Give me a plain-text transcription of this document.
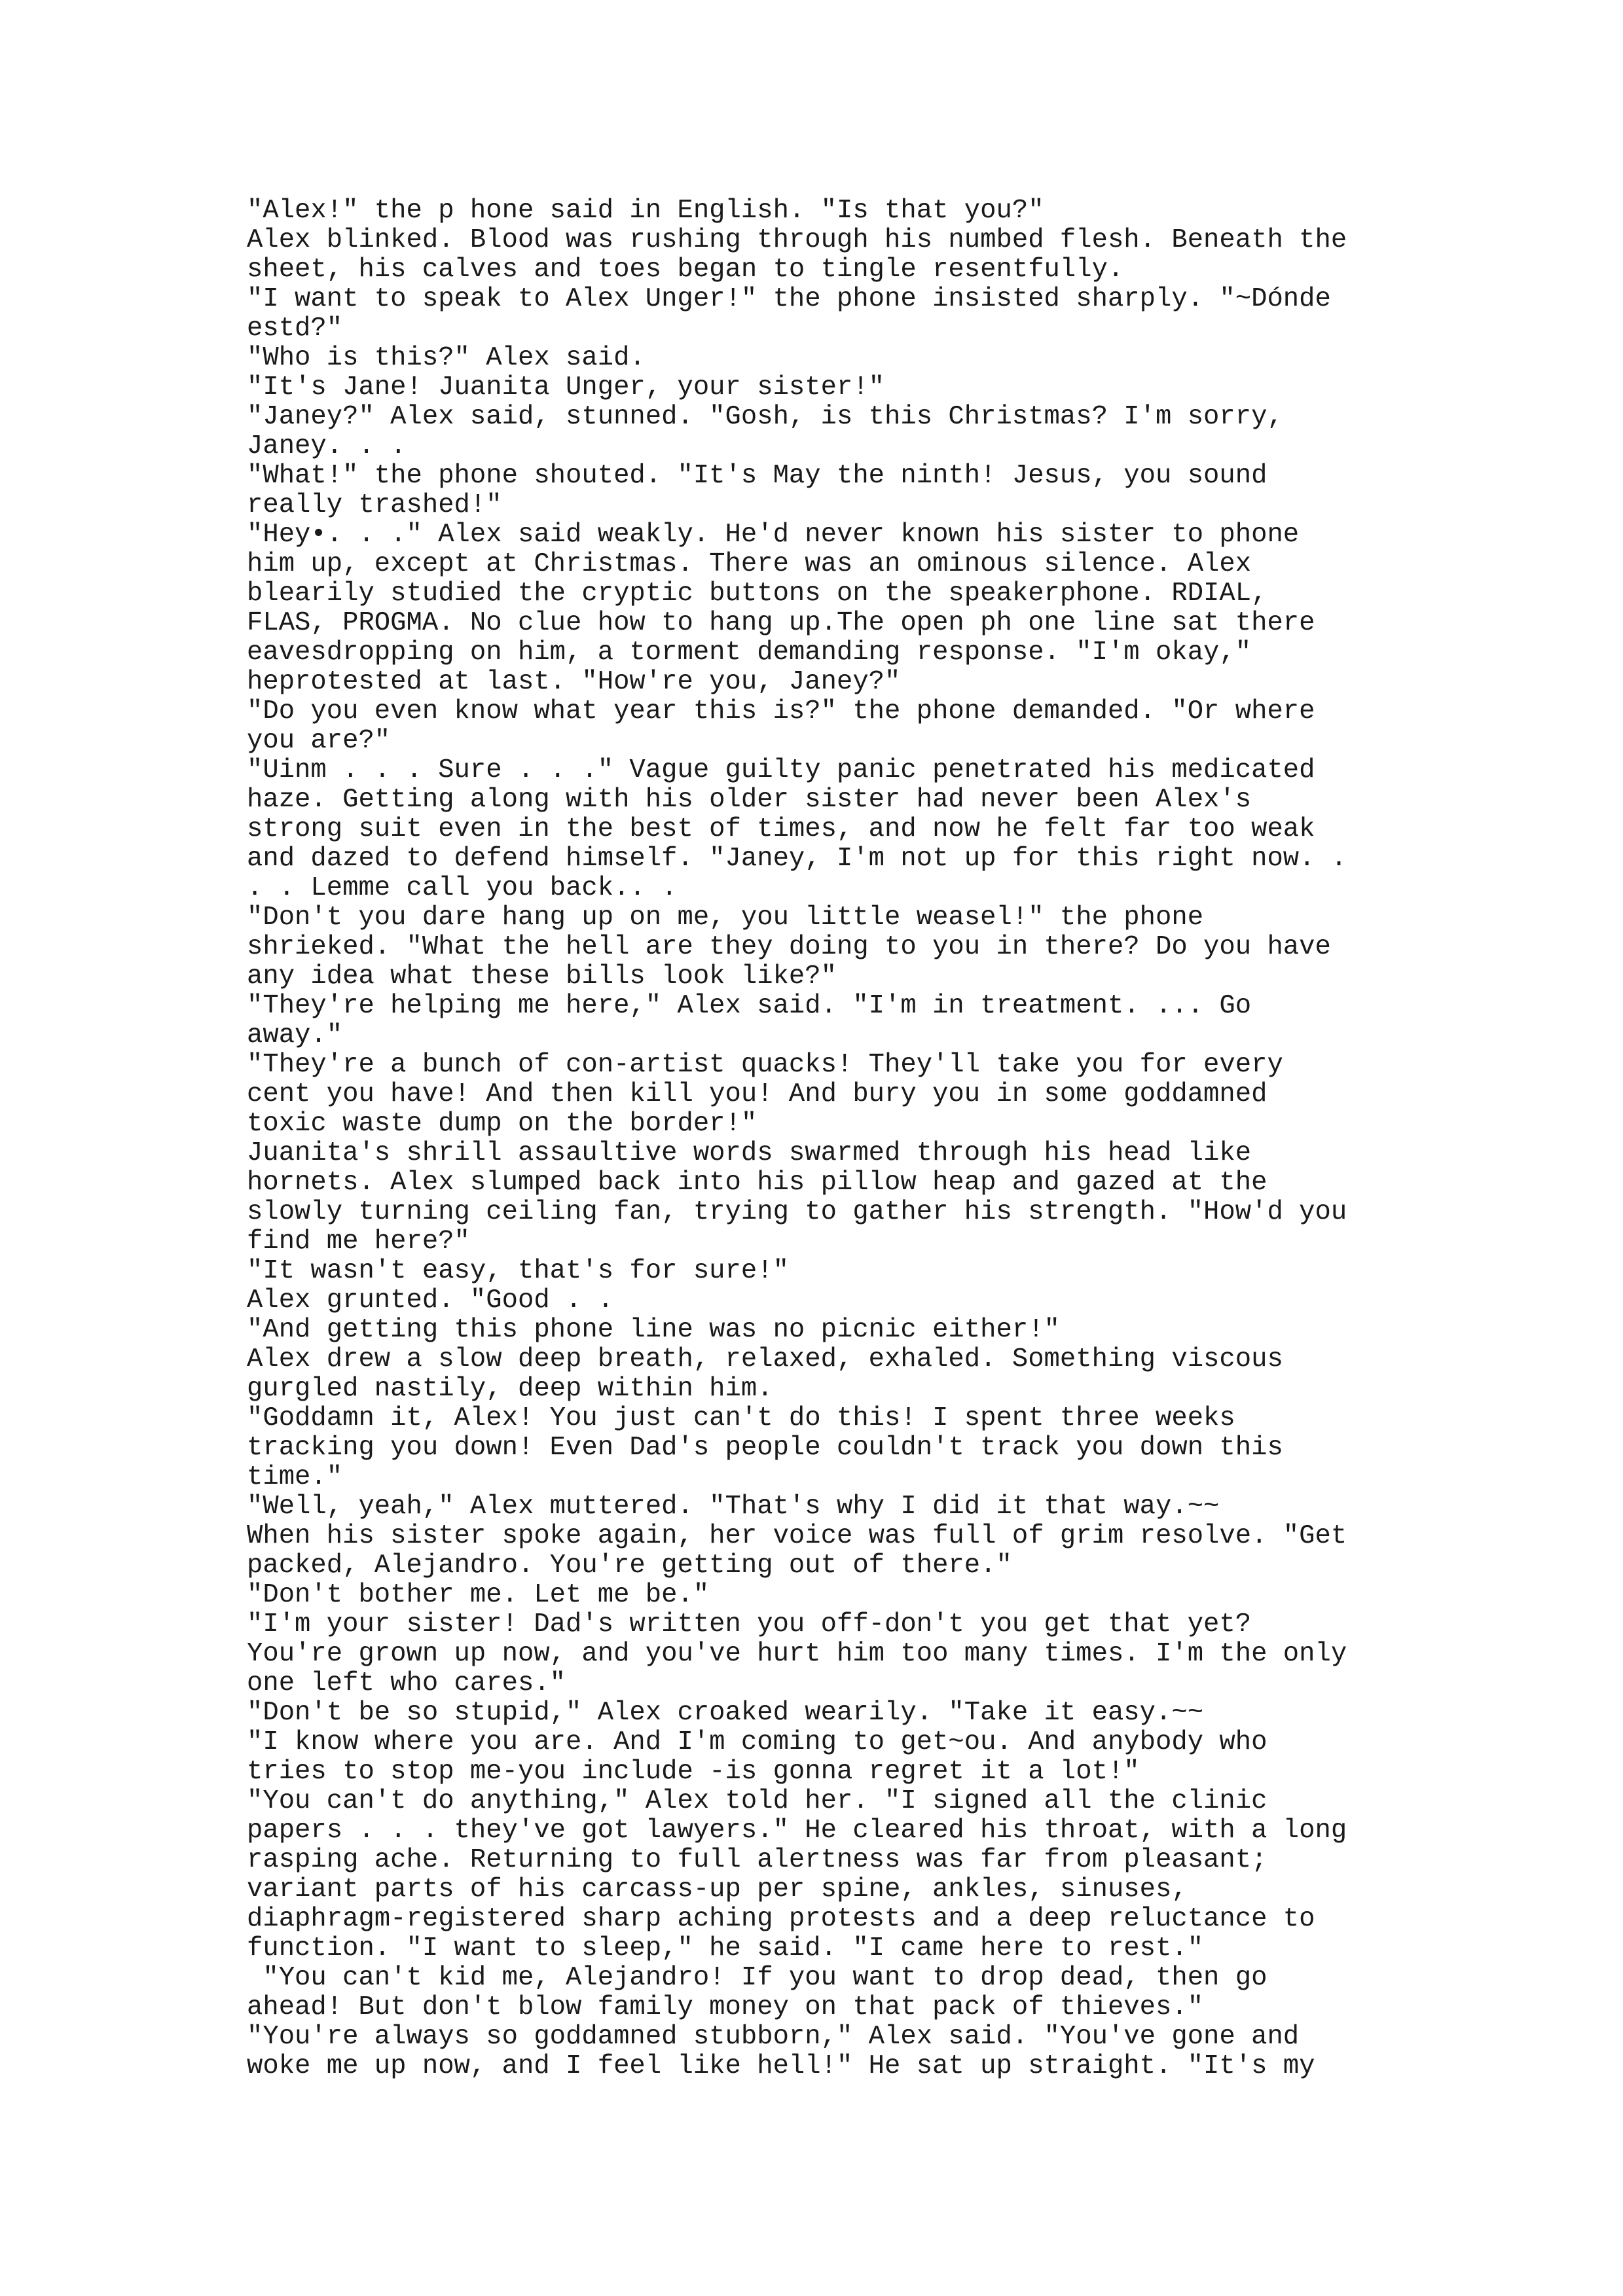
"Alex!" the p hone said in English. "Is that you?"
Alex blinked. Blood was rushing through his numbed flesh. Beneath the
sheet, his calves and toes began to tingle resentfully.
"I want to speak to Alex Unger!" the phone insisted sharply. "~Dónde
estd?"
"Who is this?" Alex said.
"It's Jane! Juanita Unger, your sister!"
"Janey?" Alex said, stunned. "Gosh, is this Christmas? I'm sorry,
Janey. . .
"What!" the phone shouted. "It's May the ninth! Jesus, you sound
really trashed!"
"Hey•. . ." Alex said weakly. He'd never known his sister to phone
him up, except at Christmas. There was an ominous silence. Alex
blearily studied the cryptic buttons on the speakerphone. RDIAL,
FLAS, PROGMA. No clue how to hang up.The open ph one line sat there
eavesdropping on him, a torment demanding response. "I'm okay,"
heprotested at last. "How're you, Janey?"
"Do you even know what year this is?" the phone demanded. "Or where
you are?"
"Uinm . . . Sure . . ." Vague guilty panic penetrated his medicated
haze. Getting along with his older sister had never been Alex's
strong suit even in the best of times, and now he felt far too weak
and dazed to defend himself. "Janey, I'm not up for this right now. .
. . Lemme call you back.. .
"Don't you dare hang up on me, you little weasel!" the phone
shrieked. "What the hell are they doing to you in there? Do you have
any idea what these bills look like?"
"They're helping me here," Alex said. "I'm in treatment. ... Go
away."
"They're a bunch of con-artist quacks! They'll take you for every
cent you have! And then kill you! And bury you in some goddamned
toxic waste dump on the border!"
Juanita's shrill assaultive words swarmed through his head like
hornets. Alex slumped back into his pillow heap and gazed at the
slowly turning ceiling fan, trying to gather his strength. "How'd you
find me here?"
"It wasn't easy, that's for sure!"
Alex grunted. "Good . .
"And getting this phone line was no picnic either!"
Alex drew a slow deep breath, relaxed, exhaled. Something viscous
gurgled nastily, deep within him.
"Goddamn it, Alex! You just can't do this! I spent three weeks
tracking you down! Even Dad's people couldn't track you down this
time."
"Well, yeah," Alex muttered. "That's why I did it that way.~~
When his sister spoke again, her voice was full of grim resolve. "Get
packed, Alejandro. You're getting out of there."
"Don't bother me. Let me be."
"I'm your sister! Dad's written you off-don't you get that yet?
You're grown up now, and you've hurt him too many times. I'm the only
one left who cares."
"Don't be so stupid," Alex croaked wearily. "Take it easy.~~
"I know where you are. And I'm coming to get~ou. And anybody who
tries to stop me-you include -is gonna regret it a lot!"
"You can't do anything," Alex told her. "I signed all the clinic
papers . . . they've got lawyers." He cleared his throat, with a long
rasping ache. Returning to full alertness was far from pleasant;
variant parts of his carcass-up per spine, ankles, sinuses,
diaphragm-registered sharp aching protests and a deep reluctance to
function. "I want to sleep," he said. "I came here to rest."
"You can't kid me, Alejandro! If you want to drop dead, then go
ahead! But don't blow family money on that pack of thieves."
"You're always so goddamned stubborn," Alex said. "You've gone and
woke me up now, and I feel like hell!" He sat up straight. "It's my
